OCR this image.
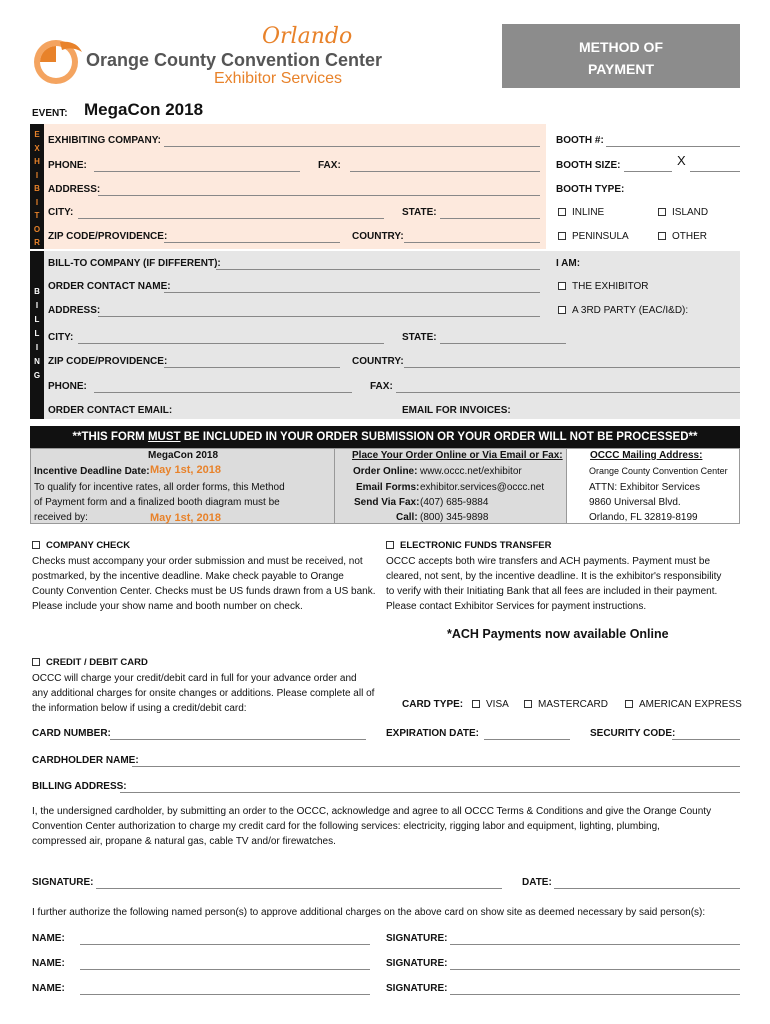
Orlando
Orange County Convention Center
Exhibitor Services
METHOD OF
PAYMENT
EVENT: MegaCon 2018
E
X
H
I
B
I
T
O
R
EXHIBITING COMPANY:
PHONE:	FAX:
ADDRESS:
CITY:	STATE:
ZIP CODE/PROVIDENCE:	COUNTRY:
BOOTH #:
BOOTH SIZE:	X
BOOTH TYPE:
INLINE	ISLAND
PENINSULA	OTHER
B
I
L
L
I
N
G
BILL-TO COMPANY (IF DIFFERENT):
ORDER CONTACT NAME:
ADDRESS:
CITY:	STATE:
ZIP CODE/PROVIDENCE:	COUNTRY:
PHONE:	FAX:
ORDER CONTACT EMAIL:	EMAIL FOR INVOICES:
I AM:
THE EXHIBITOR
A 3RD PARTY (EAC/I&D):
**THIS FORM MUST BE INCLUDED IN YOUR ORDER SUBMISSION OR YOUR ORDER WILL NOT BE PROCESSED**
MegaCon 2018
Incentive Deadline Date: May 1st, 2018
To qualify for incentive rates, all order forms, this Method
of Payment form and a finalized booth diagram must be
received by:	May 1st, 2018
Place Your Order Online or Via Email or Fax:
Order Online: www.occc.net/exhibitor
Email Forms: exhibitor.services@occc.net
Send Via Fax: (407) 685-9884
Call: (800) 345-9898
OCCC Mailing Address:
Orange County Convention Center
ATTN: Exhibitor Services
9860 Universal Blvd.
Orlando, FL 32819-8199
COMPANY CHECK
Checks must accompany your order submission and must be received, not
postmarked, by the incentive deadline. Make check payable to Orange
County Convention Center. Checks must be US funds drawn from a US bank.
Please include your show name and booth number on check.
ELECTRONIC FUNDS TRANSFER
OCCC accepts both wire transfers and ACH payments. Payment must be
cleared, not sent, by the incentive deadline. It is the exhibitor's responsibility
to verify with their Initiating Bank that all fees are included in their payment.
Please contact Exhibitor Services for payment instructions.
*ACH Payments now available Online
CREDIT / DEBIT CARD
OCCC will charge your credit/debit card in full for your advance order and
any additional charges for onsite changes or additions. Please complete all of
the information below if using a credit/debit card:	CARD TYPE:	VISA	MASTERCARD	AMERICAN EXPRESS
CARD NUMBER:	EXPIRATION DATE:	SECURITY CODE:
CARDHOLDER NAME:
BILLING ADDRESS:
I, the undersigned cardholder, by submitting an order to the OCCC, acknowledge and agree to all OCCC Terms & Conditions and give the Orange County
Convention Center authorization to charge my credit card for the following services: electricity, rigging labor and equipment, lighting, plumbing,
compressed air, propane & natural gas, cable TV and/or firewatches.
SIGNATURE:	DATE:
I further authorize the following named person(s) to approve additional charges on the above card on show site as deemed necessary by said person(s):
NAME:	SIGNATURE:
NAME:	SIGNATURE:
NAME:	SIGNATURE:
